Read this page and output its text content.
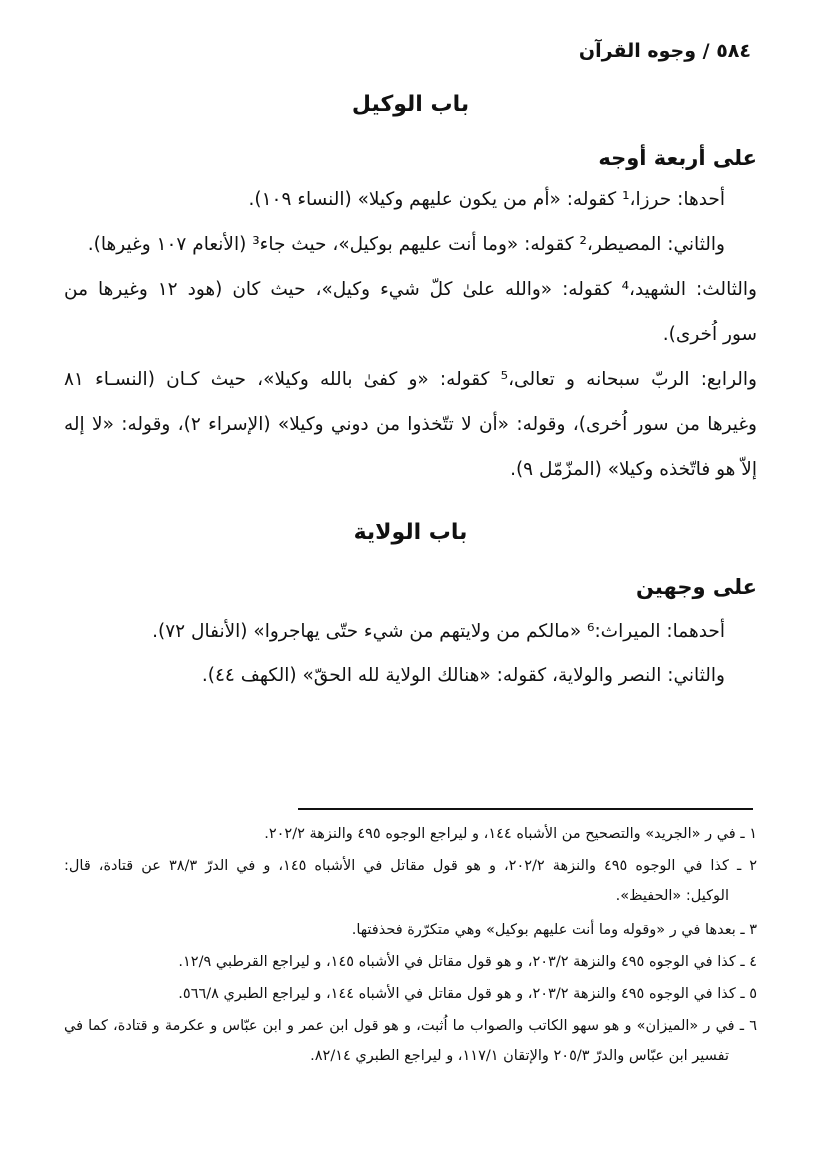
٥٨٤ / وجوه القرآن
باب الوكيل
على أربعة أوجه
أحدها: حرزا،¹ كقوله: «أم من يكون عليهم وكيلا» (النساء ١٠٩).
والثاني: المصيطر،² كقوله: «وما أنت عليهم بوكيل»، حيث جاء³ (الأنعام ١٠٧ وغيرها).
والثالث: الشهيد،⁴ كقوله: «والله علىٰ كلّ شيء وكيل»، حيث كان (هود ١٢ وغيرها من
سور اُخرى).
والرابع: الربّ سبحانه و تعالى،⁵ كقوله: «و كفىٰ بالله وكيلا»، حيث كـان (النسـاء ٨١
وغيرها من سور اُخرى)، وقوله: «أن لا تتّخذوا من دوني وكيلا» (الإسراء ٢)، وقوله: «لا إله
إلاّ هو فاتّخذه وكيلا» (المزّمّل ٩).
باب الولاية
على وجهين
أحدهما: الميراث:⁶ «مالكم من ولايتهم من شيء حتّى يهاجروا» (الأنفال ٧٢).
والثاني: النصر والولاية، كقوله: «هنالك الولاية لله الحقّ» (الكهف ٤٤).
١ ـ في ر «الجريد» والتصحيح من الأشباه ١٤٤، و ليراجع الوجوه ٤٩٥ والنزهة ٢٠٢/٢.
٢ ـ كذا في الوجوه ٤٩٥ والنزهة ٢٠٢/٢، و هو قول مقاتل في الأشباه ١٤٥، و في الدرّ ٣٨/٣ عن قتادة، قال:
الوكيل: «الحفيظ».
٣ ـ بعدها في ر «وقوله وما أنت عليهم بوكيل» وهي متكرّرة فحذفتها.
٤ ـ كذا في الوجوه ٤٩٥ والنزهة ٢٠٣/٢، و هو قول مقاتل في الأشباه ١٤٥، و ليراجع القرطبي ١٢/٩.
٥ ـ كذا في الوجوه ٤٩٥ والنزهة ٢٠٣/٢، و هو قول مقاتل في الأشباه ١٤٤، و ليراجع الطبري ٥٦٦/٨.
٦ ـ في ر «الميزان» و هو سهو الكاتب والصواب ما اُثبت، و هو قول ابن عمر و ابن عبّاس و عكرمة و قتادة، كما في
تفسير ابن عبّاس والدرّ ٢٠٥/٣ والإتقان ١١٧/١، و ليراجع الطبري ٨٢/١٤.
